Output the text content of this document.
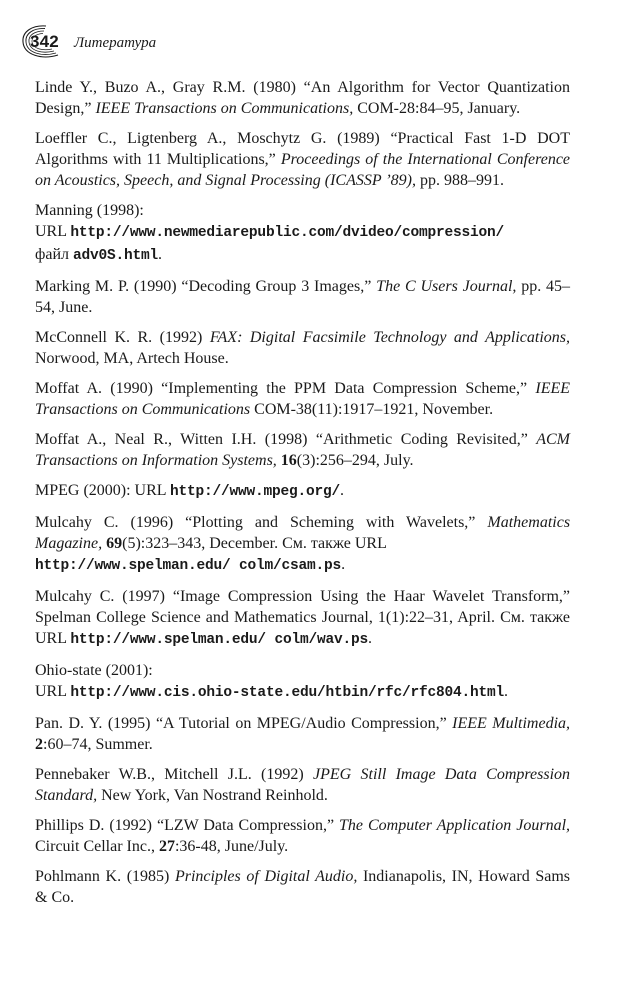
342 Литература

Linde Y., Buzo A., Gray R.M. (1980) “An Algorithm for Vector Quantization Design,” IEEE Transactions on Communications, COM-28:84–95, January.

Loeffler C., Ligtenberg A., Moschytz G. (1989) “Practical Fast 1-D DOT Algorithms with 11 Multiplications,” Proceedings of the International Conference on Acoustics, Speech, and Signal Processing (ICASSP ’89), pp. 988–991.

Manning (1998):
URL http://www.newmediarepublic.com/dvideo/compression/
файл adv0S.html.

Marking M. P. (1990) “Decoding Group 3 Images,” The C Users Journal, pp. 45–54, June.

McConnell K. R. (1992) FAX: Digital Facsimile Technology and Applications, Norwood, MA, Artech House.

Moffat A. (1990) “Implementing the PPM Data Compression Scheme,” IEEE Transactions on Communications COM-38(11):1917–1921, November.

Moffat A., Neal R., Witten I.H. (1998) “Arithmetic Coding Revisited,” ACM Transactions on Information Systems, 16(3):256–294, July.

MPEG (2000): URL http://www.mpeg.org/.

Mulcahy C. (1996) “Plotting and Scheming with Wavelets,” Mathematics Magazine, 69(5):323–343, December. См. также URL
http://www.spelman.edu/ colm/csam.ps.

Mulcahy C. (1997) “Image Compression Using the Haar Wavelet Transform,” Spelman College Science and Mathematics Journal, 1(1):22–31, April. См. также URL http://www.spelman.edu/ colm/wav.ps.

Ohio-state (2001):
URL http://www.cis.ohio-state.edu/htbin/rfc/rfc804.html.

Pan. D. Y. (1995) “A Tutorial on MPEG/Audio Compression,” IEEE Multimedia, 2:60–74, Summer.

Pennebaker W.B., Mitchell J.L. (1992) JPEG Still Image Data Compression Standard, New York, Van Nostrand Reinhold.

Phillips D. (1992) “LZW Data Compression,” The Computer Application Journal, Circuit Cellar Inc., 27:36-48, June/July.

Pohlmann K. (1985) Principles of Digital Audio, Indianapolis, IN, Howard Sams & Co.
